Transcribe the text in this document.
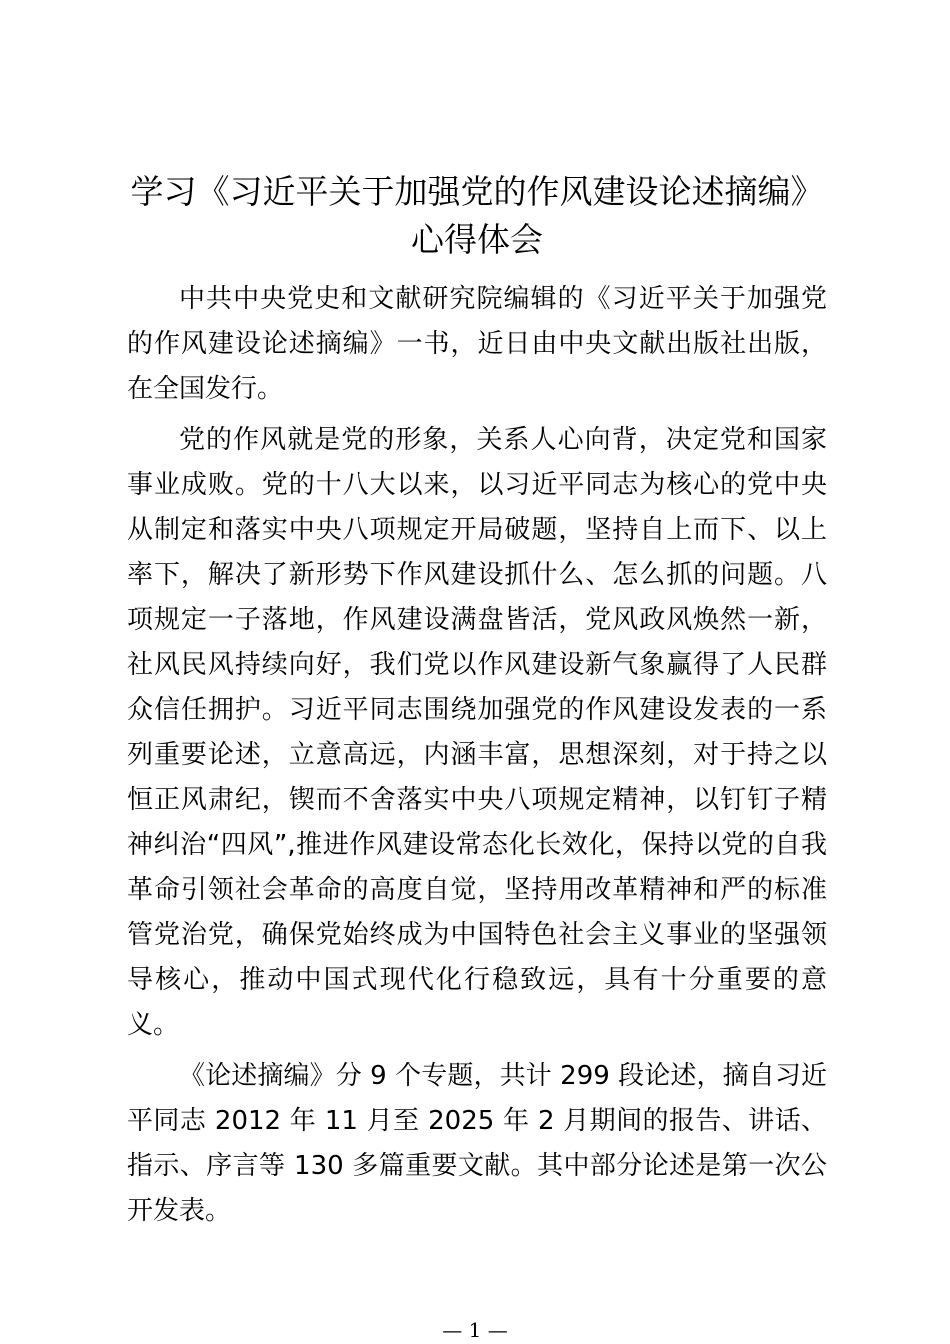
学习《习近平关于加强党的作风建设论述摘编》心得体会

中共中央党史和文献研究院编辑的《习近平关于加强党的作风建设论述摘编》一书，近日由中央文献出版社出版，在全国发行。

党的作风就是党的形象，关系人心向背，决定党和国家事业成败。党的十八大以来，以习近平同志为核心的党中央从制定和落实中央八项规定开局破题，坚持自上而下、以上率下，解决了新形势下作风建设抓什么、怎么抓的问题。八项规定一子落地，作风建设满盘皆活，党风政风焕然一新，社风民风持续向好，我们党以作风建设新气象赢得了人民群众信任拥护。习近平同志围绕加强党的作风建设发表的一系列重要论述，立意高远，内涵丰富，思想深刻，对于持之以恒正风肃纪，锲而不舍落实中央八项规定精神，以钉钉子精神纠治“四风”,推进作风建设常态化长效化，保持以党的自我革命引领社会革命的高度自觉，坚持用改革精神和严的标准管党治党，确保党始终成为中国特色社会主义事业的坚强领导核心，推动中国式现代化行稳致远，具有十分重要的意义。

《论述摘编》分 9 个专题，共计 299 段论述，摘自习近平同志 2012 年 11 月至 2025 年 2 月期间的报告、讲话、指示、序言等 130 多篇重要文献。其中部分论述是第一次公开发表。

— 1 —
